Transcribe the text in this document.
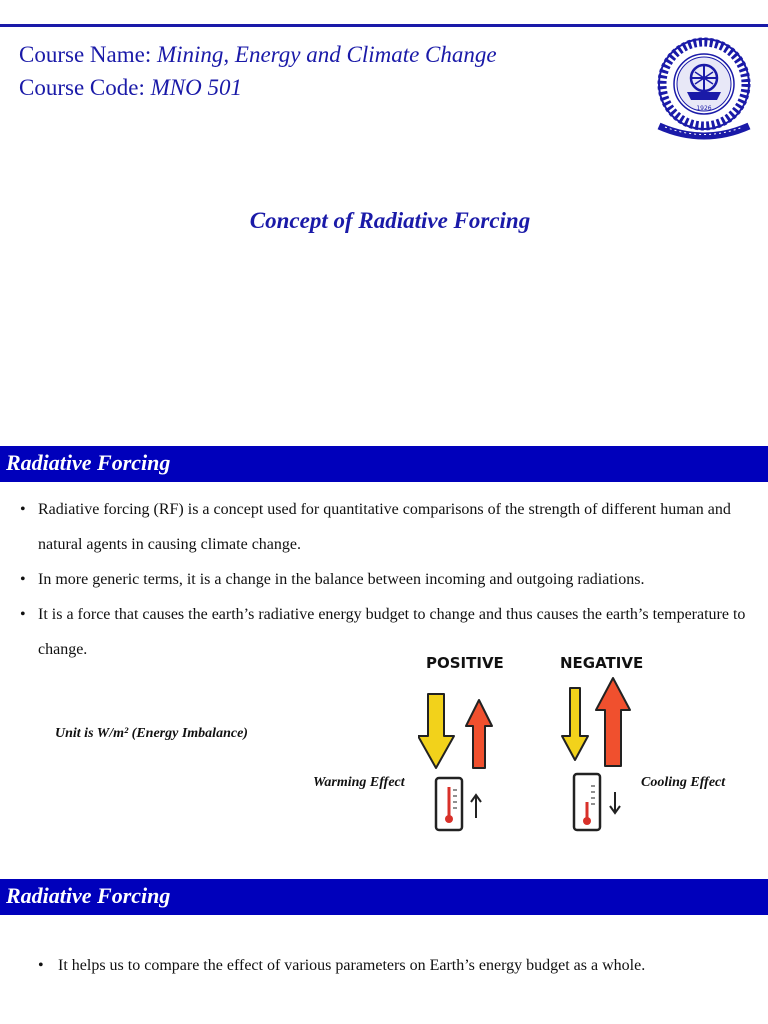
Course Name: Mining, Energy and Climate Change
Course Code: MNO 501
1926
Concept of Radiative Forcing
Radiative Forcing
• Radiative forcing (RF) is a concept used for quantitative comparisons of the strength of different human and natural agents in causing climate change.
• In more generic terms, it is a change in the balance between incoming and outgoing radiations.
• It is a force that causes the earth’s radiative energy budget to change and thus causes the earth’s temperature to change.
Unit is W/m² (Energy Imbalance)
Warming Effect	Cooling Effect
POSITIVE	NEGATIVE
Radiative Forcing
• It helps us to compare the effect of various parameters on Earth’s energy budget as a whole.
